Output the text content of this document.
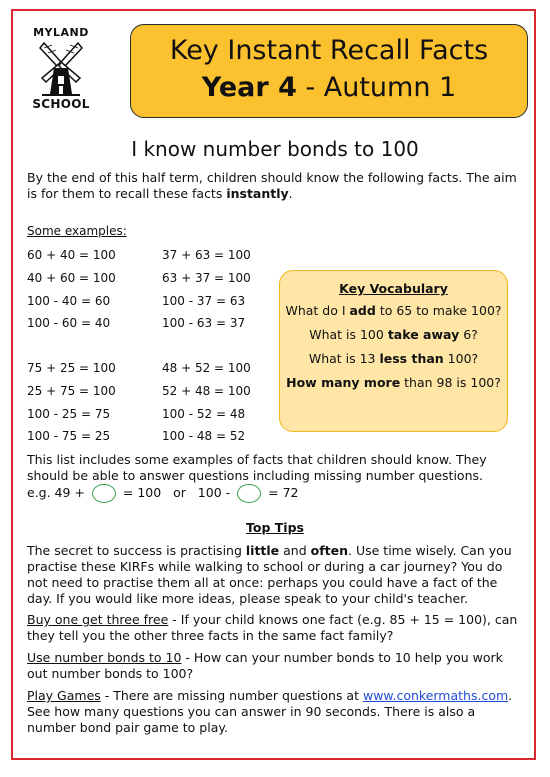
MYLAND
SCHOOL
Key Instant Recall Facts
Year 4 - Autumn 1
I know number bonds to 100
By the end of this half term, children should know the following facts. The aim is for them to recall these facts instantly.
Some examples:
60 + 40 = 100
40 + 60 = 100
100 - 40 = 60
100 - 60 = 40
37 + 63 = 100
63 + 37 = 100
100 - 37 = 63
100 - 63 = 37
75 + 25 = 100
25 + 75 = 100
100 - 25 = 75
100 - 75 = 25
48 + 52 = 100
52 + 48 = 100
100 - 52 = 48
100 - 48 = 52
Key Vocabulary
What do I add to 65 to make 100?
What is 100 take away 6?
What is 13 less than 100?
How many more than 98 is 100?
This list includes some examples of facts that children should know. They should be able to answer questions including missing number questions.
e.g. 49 +	= 100   or   100 -	= 72
Top Tips
The secret to success is practising little and often. Use time wisely. Can you practise these KIRFs while walking to school or during a car journey? You do not need to practise them all at once: perhaps you could have a fact of the day. If you would like more ideas, please speak to your child's teacher.
Buy one get three free - If your child knows one fact (e.g. 85 + 15 = 100), can they tell you the other three facts in the same fact family?
Use number bonds to 10 - How can your number bonds to 10 help you work out number bonds to 100?
Play Games - There are missing number questions at www.conkermaths.com. See how many questions you can answer in 90 seconds. There is also a number bond pair game to play.
